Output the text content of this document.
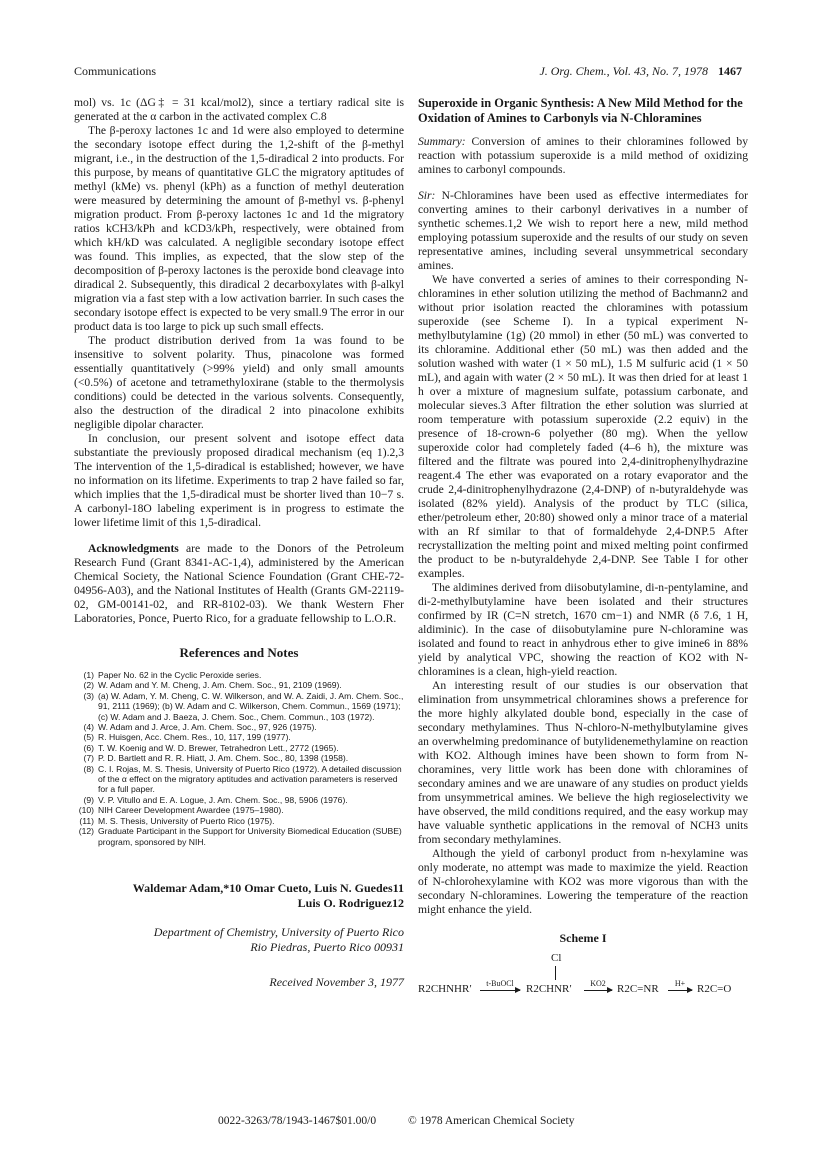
Communications	J. Org. Chem., Vol. 43, No. 7, 1978 1467

mol) vs. 1c (ΔG‡ = 31 kcal/mol2), since a tertiary radical site is generated at the α carbon in the activated complex C.8

The β-peroxy lactones 1c and 1d were also employed to determine the secondary isotope effect during the 1,2-shift of the β-methyl migrant, i.e., in the destruction of the 1,5-diradical 2 into products. For this purpose, by means of quantitative GLC the migratory aptitudes of methyl (kMe) vs. phenyl (kPh) as a function of methyl deuteration were measured by determining the amount of β-methyl vs. β-phenyl migration product. From β-peroxy lactones 1c and 1d the migratory ratios kCH3/kPh and kCD3/kPh, respectively, were obtained from which kH/kD was calculated. A negligible secondary isotope effect was found. This implies, as expected, that the slow step of the decomposition of β-peroxy lactones is the peroxide bond cleavage into diradical 2. Subsequently, this diradical 2 decarboxylates with β-alkyl migration via a fast step with a low activation barrier. In such cases the secondary isotope effect is expected to be very small.9 The error in our product data is too large to pick up such small effects.

The product distribution derived from 1a was found to be insensitive to solvent polarity. Thus, pinacolone was formed essentially quantitatively (>99% yield) and only small amounts (<0.5%) of acetone and tetramethyloxirane (stable to the thermolysis conditions) could be detected in the various solvents. Consequently, also the destruction of the diradical 2 into pinacolone exhibits negligible dipolar character.

In conclusion, our present solvent and isotope effect data substantiate the previously proposed diradical mechanism (eq 1).2,3 The intervention of the 1,5-diradical is established; however, we have no information on its lifetime. Experiments to trap 2 have failed so far, which implies that the 1,5-diradical must be shorter lived than 10−7 s. A carbonyl-18O labeling experiment is in progress to estimate the lower lifetime limit of this 1,5-diradical.

Acknowledgments are made to the Donors of the Petroleum Research Fund (Grant 8341-AC-1,4), administered by the American Chemical Society, the National Science Foundation (Grant CHE-72-04956-A03), and the National Institutes of Health (Grants GM-22119-02, GM-00141-02, and RR-8102-03). We thank Western Fher Laboratories, Ponce, Puerto Rico, for a graduate fellowship to L.O.R.

References and Notes
(1) Paper No. 62 in the Cyclic Peroxide series.
(2) W. Adam and Y. M. Cheng, J. Am. Chem. Soc., 91, 2109 (1969).
(3) (a) W. Adam, Y. M. Cheng, C. W. Wilkerson, and W. A. Zaidi, J. Am. Chem. Soc., 91, 2111 (1969); (b) W. Adam and C. Wilkerson, Chem. Commun., 1569 (1971); (c) W. Adam and J. Baeza, J. Chem. Soc., Chem. Commun., 103 (1972).
(4) W. Adam and J. Arce, J. Am. Chem. Soc., 97, 926 (1975).
(5) R. Huisgen, Acc. Chem. Res., 10, 117, 199 (1977).
(6) T. W. Koenig and W. D. Brewer, Tetrahedron Lett., 2772 (1965).
(7) P. D. Bartlett and R. R. Hiatt, J. Am. Chem. Soc., 80, 1398 (1958).
(8) C. I. Rojas, M. S. Thesis, University of Puerto Rico (1972). A detailed discussion of the α effect on the migratory aptitudes and activation parameters is reserved for a full paper.
(9) V. P. Vitullo and E. A. Logue, J. Am. Chem. Soc., 98, 5906 (1976).
(10) NIH Career Development Awardee (1975–1980).
(11) M. S. Thesis, University of Puerto Rico (1975).
(12) Graduate Participant in the Support for University Biomedical Education (SUBE) program, sponsored by NIH.
Waldemar Adam,*10 Omar Cueto, Luis N. Guedes11
Luis O. Rodriguez12
Department of Chemistry, University of Puerto Rico
Rio Piedras, Puerto Rico 00931
Received November 3, 1977
Superoxide in Organic Synthesis: A New Mild Method for the Oxidation of Amines to Carbonyls via N-Chloramines

Summary: Conversion of amines to their chloramines followed by reaction with potassium superoxide is a mild method of oxidizing amines to carbonyl compounds.

Sir: N-Chloramines have been used as effective intermediates for converting amines to their carbonyl derivatives in a number of synthetic schemes.1,2 We wish to report here a new, mild method employing potassium superoxide and the results of our study on seven representative amines, including several unsymmetrical secondary amines.

We have converted a series of amines to their corresponding N-chloramines in ether solution utilizing the method of Bachmann2 and without prior isolation reacted the chloramines with potassium superoxide (see Scheme I). In a typical experiment N-methylbutylamine (1g) (20 mmol) in ether (50 mL) was converted to its chloramine. Additional ether (50 mL) was then added and the solution washed with water (1 × 50 mL), 1.5 M sulfuric acid (1 × 50 mL), and again with water (2 × 50 mL). It was then dried for at least 1 h over a mixture of magnesium sulfate, potassium carbonate, and molecular sieves.3 After filtration the ether solution was slurried at room temperature with potassium superoxide (2.2 equiv) in the presence of 18-crown-6 polyether (80 mg). When the yellow superoxide color had completely faded (4–6 h), the mixture was filtered and the filtrate was poured into 2,4-dinitrophenylhydrazine reagent.4 The ether was evaporated on a rotary evaporator and the crude 2,4-dinitrophenylhydrazone (2,4-DNP) of n-butyraldehyde was isolated (82% yield). Analysis of the product by TLC (silica, ether/petroleum ether, 20:80) showed only a minor trace of a material with an Rf similar to that of formaldehyde 2,4-DNP.5 After recrystallization the melting point and mixed melting point confirmed the product to be n-butyraldehyde 2,4-DNP. See Table I for other examples.

The aldimines derived from diisobutylamine, di-n-pentylamine, and di-2-methylbutylamine have been isolated and their structures confirmed by IR (C=N stretch, 1670 cm−1) and NMR (δ 7.6, 1 H, aldiminic). In the case of diisobutylamine pure N-chloramine was isolated and found to react in anhydrous ether to give imine6 in 88% yield by analytical VPC, showing the reaction of KO2 with N-chloramines is a clean, high-yield reaction.

An interesting result of our studies is our observation that elimination from unsymmetrical chloramines shows a preference for the more highly alkylated double bond, especially in the case of secondary methylamines. Thus N-chloro-N-methylbutylamine gives an overwhelming predominance of butylidenemethylamine on reaction with KO2. Although imines have been shown to form from N-choramines, very little work has been done with chloramines of secondary amines and we are unaware of any studies on product yields from unsymmetrical amines. We believe the high regioselectivity we have observed, the mild conditions required, and the easy workup may have valuable synthetic applications in the removal of NCH3 units from secondary methylamines.

Although the yield of carbonyl product from n-hexylamine was only moderate, no attempt was made to maximize the yield. Reaction of N-chlorohexylamine with KO2 was more vigorous than with the secondary N-chloramines. Lowering the temperature of the reaction might enhance the yield.

Scheme I
Cl
R2CHNHR′	t-BuOCl	R2CHNR′	KO2	R2C=NR	H+	R2C=O
0022-3263/78/1943-1467$01.00/0	© 1978 American Chemical Society
